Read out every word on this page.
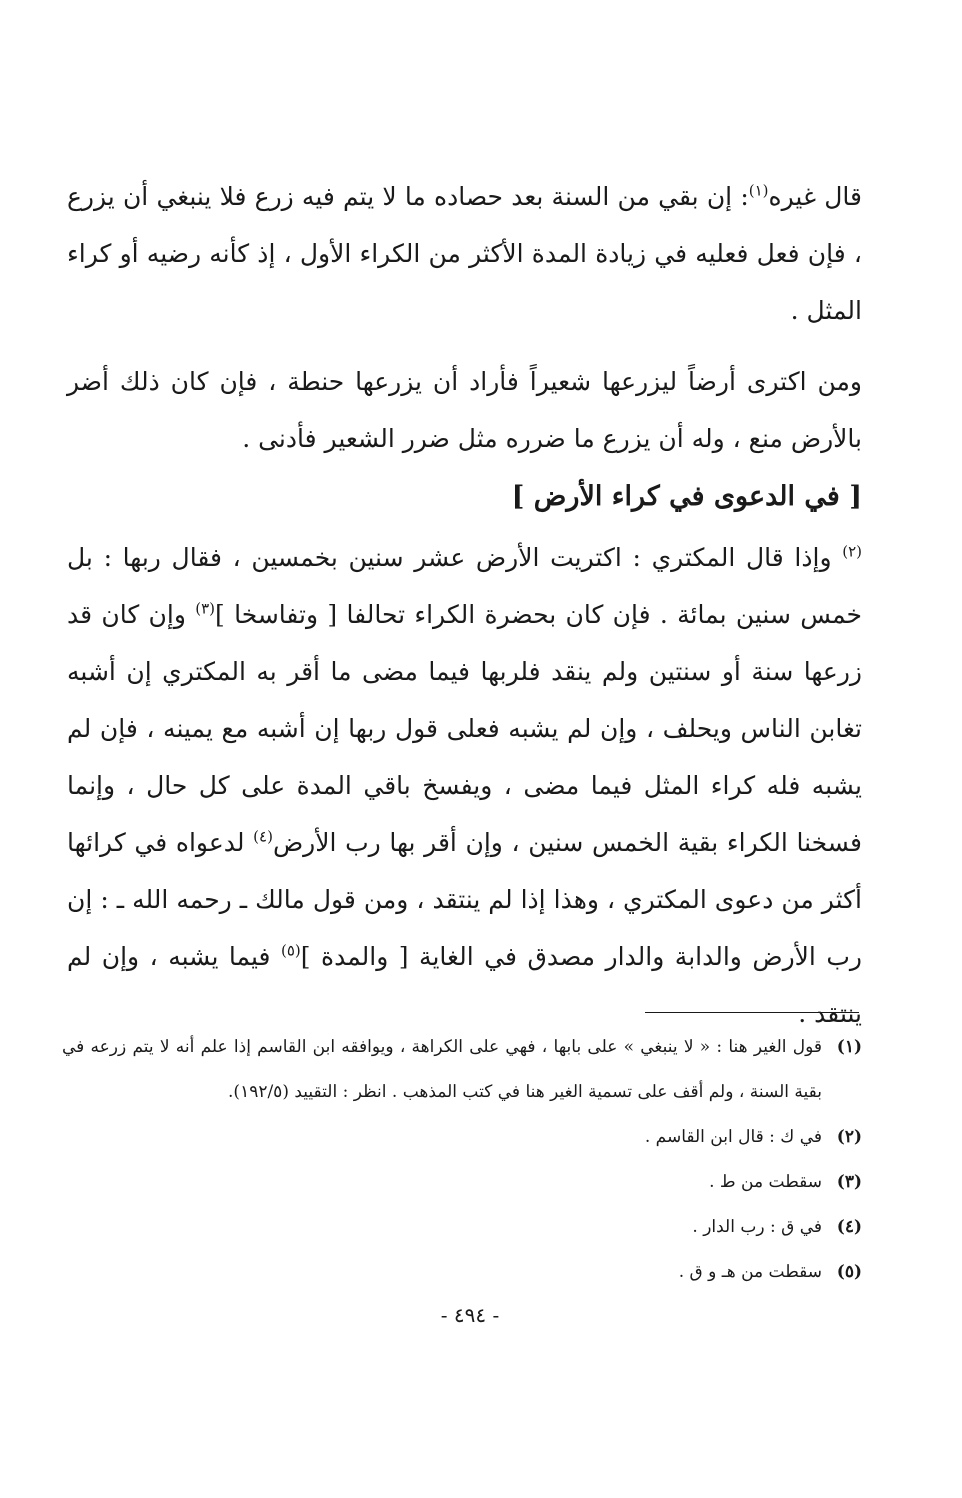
قال غيره$^{(١)}$: إن بقي من السنة بعد حصاده ما لا يتم فيه زرع فلا ينبغي أن يزرع ، فإن فعل فعليه في زيادة المدة الأكثر من الكراء الأول ، إذ كأنه رضيه أو كراء المثل .

ومن اكترى أرضاً ليزرعها شعيراً فأراد أن يزرعها حنطة ، فإن كان ذلك أضر بالأرض منع ، وله أن يزرع ما ضرره مثل ضرر الشعير فأدنى .

[ في الدعوى في كراء الأرض ]

$^{(٢)}$ وإذا قال المكتري : اكتريت الأرض عشر سنين بخمسين ، فقال ربها : بل خمس سنين بمائة . فإن كان بحضرة الكراء تحالفا [ وتفاسخا ]$^{(٣)}$ وإن كان قد زرعها سنة أو سنتين ولم ينقد فلربها فيما مضى ما أقر به المكتري إن أشبه تغابن الناس ويحلف ، وإن لم يشبه فعلى قول ربها إن أشبه مع يمينه ، فإن لم يشبه فله كراء المثل فيما مضى ، ويفسخ باقي المدة على كل حال ، وإنما فسخنا الكراء بقية الخمس سنين ، وإن أقر بها رب الأرض$^{(٤)}$ لدعواه في كرائها أكثر من دعوى المكتري ، وهذا إذا لم ينتقد ، ومن قول مالك ـ رحمه الله ـ : إن رب الأرض والدابة والدار مصدق في الغاية [ والمدة ]$^{(٥)}$ فيما يشبه ، وإن لم ينتقد .

(١)
قول الغير هنا : « لا ينبغي » على بابها ، فهي على الكراهة ، ويوافقه ابن القاسم إذا علم أنه لا يتم زرعه في بقية السنة ، ولم أقف على تسمية الغير هنا في كتب المذهب . انظر : التقييد (١٩٢/٥).
(٢)
في ك : قال ابن القاسم .
(٣)
سقطت من ط .
(٤)
في ق : رب الدار .
(٥)
سقطت من هـ و ق .
- ٤٩٤ -
